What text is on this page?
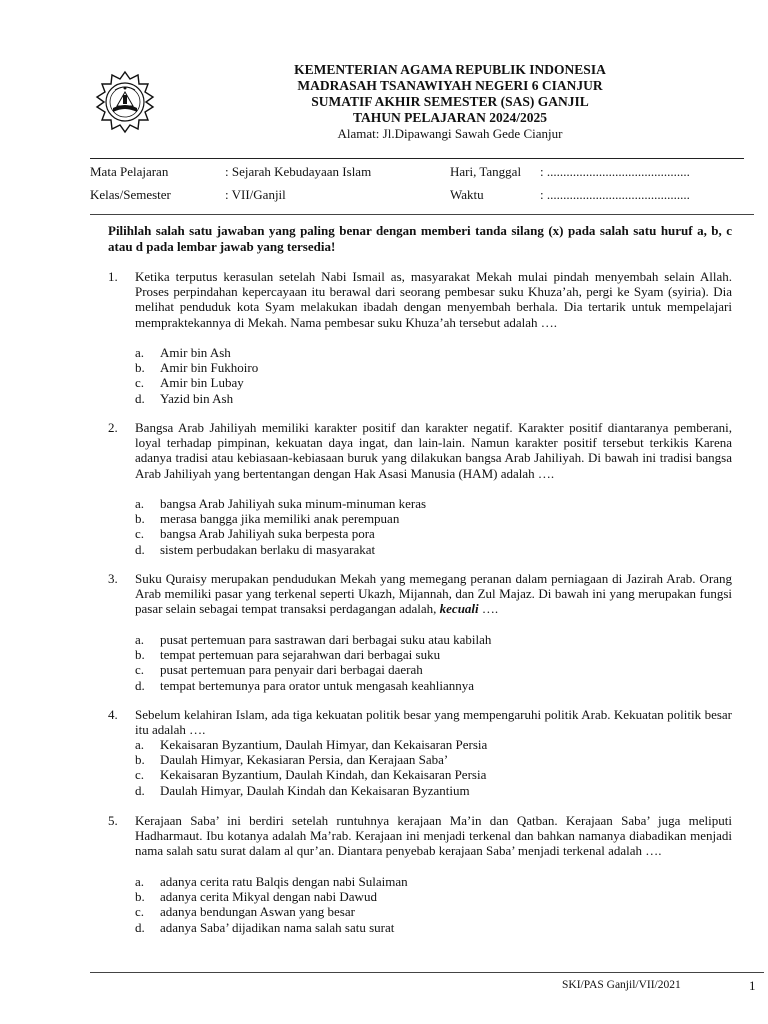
KEMENTERIAN AGAMA REPUBLIK INDONESIA
MADRASAH TSANAWIYAH NEGERI 6 CIANJUR
SUMATIF AKHIR SEMESTER (SAS) GANJIL
TAHUN PELAJARAN 2024/2025
Alamat: Jl.Dipawangi Sawah Gede Cianjur
Mata Pelajaran	: Sejarah Kebudayaan Islam	Hari, Tanggal : ............................................
Kelas/Semester	: VII/Ganjil	Waktu	: ............................................
Pilihlah salah satu jawaban yang paling benar dengan memberi tanda silang (x) pada salah satu huruf a, b, c atau d pada lembar jawab yang tersedia!
1. Ketika terputus kerasulan setelah Nabi Ismail as, masyarakat Mekah mulai pindah menyembah selain Allah. Proses perpindahan kepercayaan itu berawal dari seorang pembesar suku Khuza’ah, pergi ke Syam (syiria). Dia melihat penduduk kota Syam melakukan ibadah dengan menyembah berhala. Dia tertarik untuk mempelajari mempraktekannya di Mekah. Nama pembesar suku Khuza’ah tersebut adalah ….
a. Amir bin Ash
b. Amir bin Fukhoiro
c. Amir bin Lubay
d. Yazid bin Ash
2. Bangsa Arab Jahiliyah memiliki karakter positif dan karakter negatif. Karakter positif diantaranya pemberani, loyal terhadap pimpinan, kekuatan daya ingat, dan lain-lain. Namun karakter positif tersebut terkikis Karena adanya tradisi atau kebiasaan-kebiasaan buruk yang dilakukan bangsa Arab Jahiliyah. Di bawah ini tradisi bangsa Arab Jahiliyah yang bertentangan dengan Hak Asasi Manusia (HAM) adalah ….
a. bangsa Arab Jahiliyah suka minum-minuman keras
b. merasa bangga jika memiliki anak perempuan
c. bangsa Arab Jahiliyah suka berpesta pora
d. sistem perbudakan berlaku di masyarakat
3. Suku Quraisy merupakan pendudukan Mekah yang memegang peranan dalam perniagaan di Jazirah Arab. Orang Arab memiliki pasar yang terkenal seperti Ukazh, Mijannah, dan Zul Majaz. Di bawah ini yang merupakan fungsi pasar selain sebagai tempat transaksi perdagangan adalah, kecuali ….
a. pusat pertemuan para sastrawan dari berbagai suku atau kabilah
b. tempat pertemuan para sejarahwan dari berbagai suku
c. pusat pertemuan para penyair dari berbagai daerah
d. tempat bertemunya para orator untuk mengasah keahliannya
4. Sebelum kelahiran Islam, ada tiga kekuatan politik besar yang mempengaruhi politik Arab. Kekuatan politik besar itu adalah ….
a. Kekaisaran Byzantium, Daulah Himyar, dan Kekaisaran Persia
b. Daulah Himyar, Kekasiaran Persia, dan Kerajaan Saba’
c. Kekaisaran Byzantium, Daulah Kindah, dan Kekaisaran Persia
d. Daulah Himyar, Daulah Kindah dan Kekaisaran Byzantium
5. Kerajaan Saba’ ini berdiri setelah runtuhnya kerajaan Ma’in dan Qatban. Kerajaan Saba’ juga meliputi Hadharmaut. Ibu kotanya adalah Ma’rab. Kerajaan ini menjadi terkenal dan bahkan namanya diabadikan menjadi nama salah satu surat dalam al qur’an. Diantara penyebab kerajaan Saba’ menjadi terkenal adalah ….
a. adanya cerita ratu Balqis dengan nabi Sulaiman
b. adanya cerita Mikyal dengan nabi Dawud
c. adanya bendungan Aswan yang besar
d. adanya Saba’ dijadikan nama salah satu surat
SKI/PAS Ganjil/VII/2021	1
